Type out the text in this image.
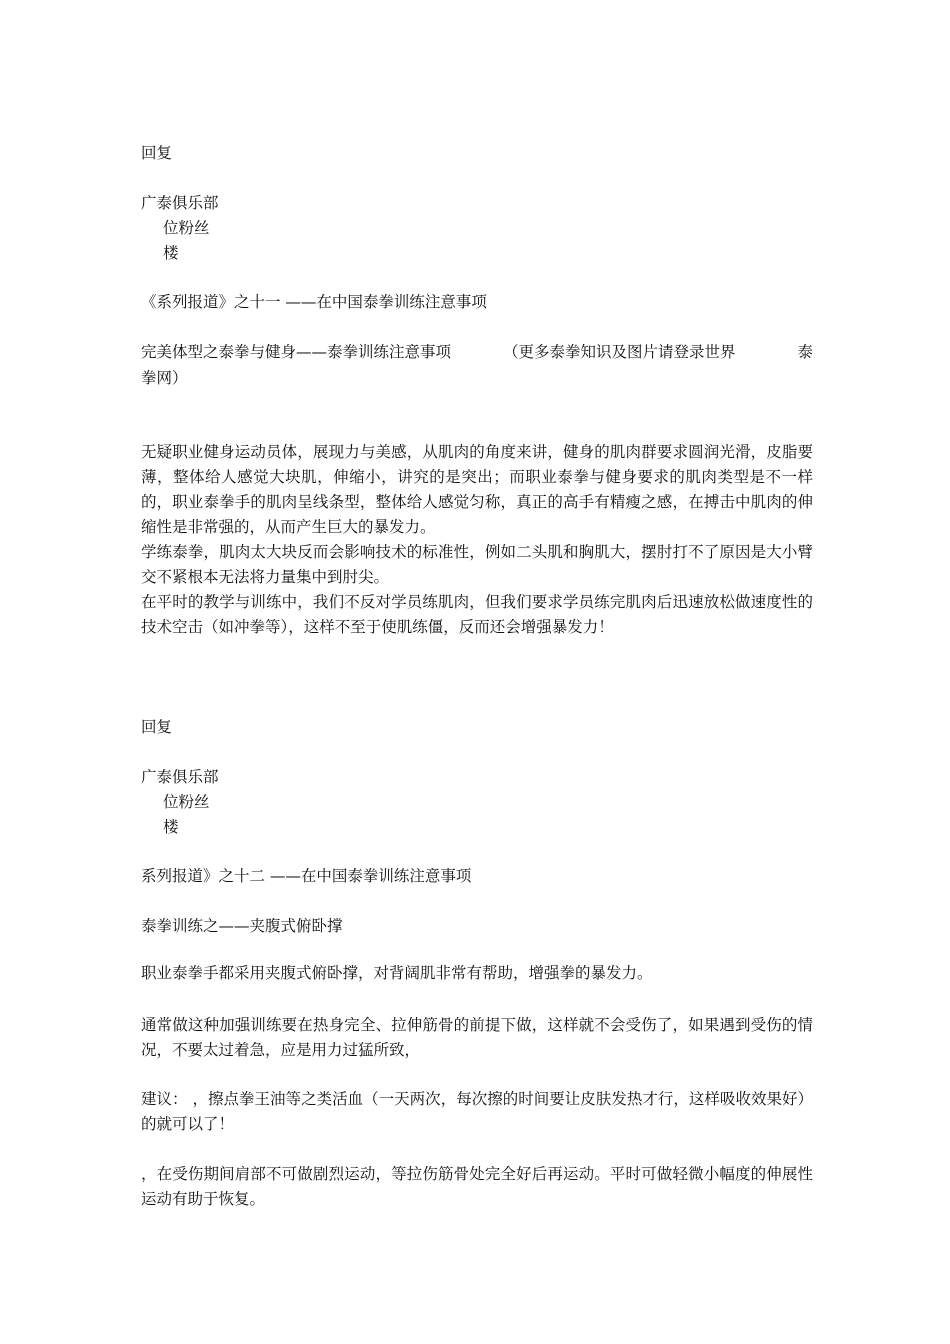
回复
广泰俱乐部
位粉丝
楼
《系列报道》之十一 ——在中国泰拳训练注意事项
完美体型之泰拳与健身——泰拳训练注意事项	（更多泰拳知识及图片请登录世界	泰
拳网）
无疑职业健身运动员体，展现力与美感，从肌肉的角度来讲，健身的肌肉群要求圆润光滑，皮脂要薄，整体给人感觉大块肌，伸缩小，讲究的是突出；而职业泰拳与健身要求的肌肉类型是不一样的，职业泰拳手的肌肉呈线条型，整体给人感觉匀称，真正的高手有精瘦之感，在搏击中肌肉的伸缩性是非常强的，从而产生巨大的暴发力。
学练泰拳，肌肉太大块反而会影响技术的标准性，例如二头肌和胸肌大，摆肘打不了原因是大小臂交不紧根本无法将力量集中到肘尖。
在平时的教学与训练中，我们不反对学员练肌肉，但我们要求学员练完肌肉后迅速放松做速度性的技术空击（如冲拳等），这样不至于使肌练僵，反而还会增强暴发力！
回复
广泰俱乐部
位粉丝
楼
系列报道》之十二 ——在中国泰拳训练注意事项
泰拳训练之——夹腹式俯卧撑
职业泰拳手都采用夹腹式俯卧撑，对背阔肌非常有帮助，增强拳的暴发力。
通常做这种加强训练要在热身完全、拉伸筋骨的前提下做，这样就不会受伤了，如果遇到受伤的情况，不要太过着急，应是用力过猛所致，
建议： ，擦点拳王油等之类活血（一天两次，每次擦的时间要让皮肤发热才行，这样吸收效果好）的就可以了！
，在受伤期间肩部不可做剧烈运动，等拉伤筋骨处完全好后再运动。平时可做轻微小幅度的伸展性运动有助于恢复。
